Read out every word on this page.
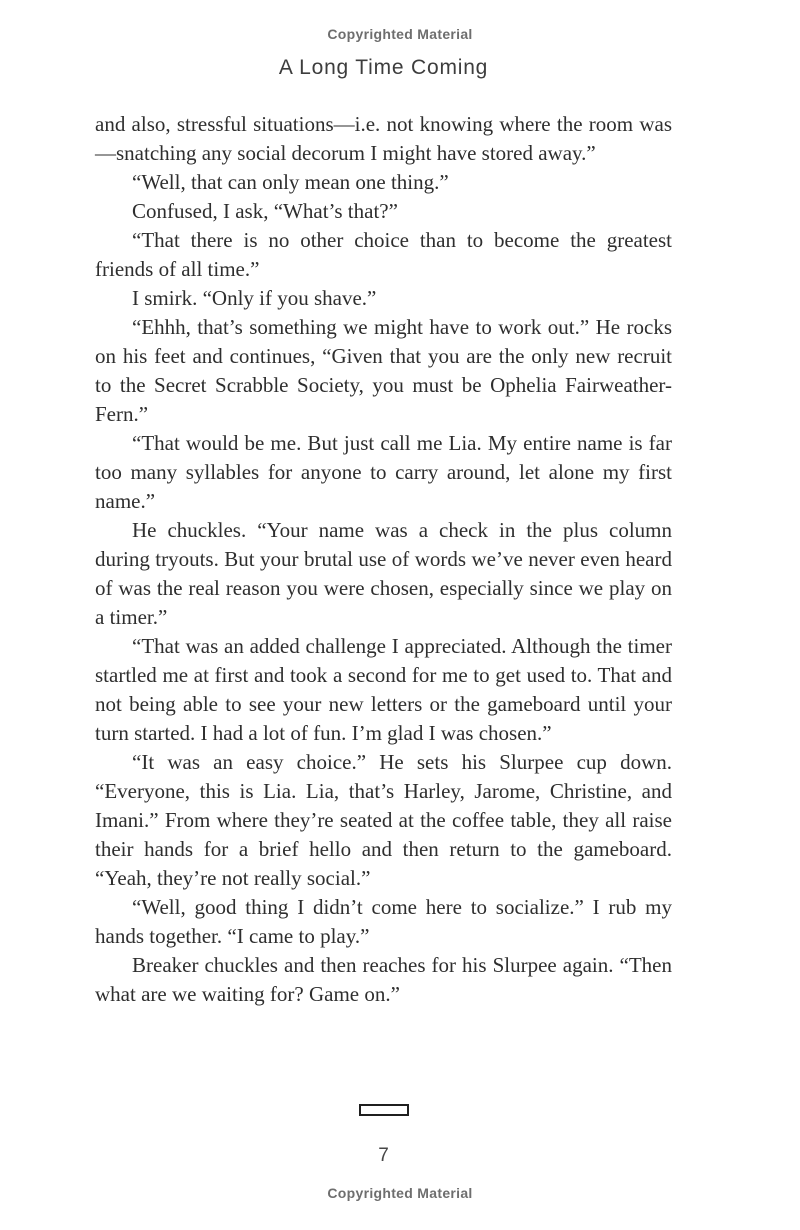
Copyrighted Material
A Long Time Coming

and also, stressful situations—i.e. not knowing where the room was—snatching any social decorum I might have stored away.”

“Well, that can only mean one thing.”

Confused, I ask, “What’s that?”

“That there is no other choice than to become the greatest friends of all time.”

I smirk. “Only if you shave.”

“Ehhh, that’s something we might have to work out.” He rocks on his feet and continues, “Given that you are the only new recruit to the Secret Scrabble Society, you must be Ophelia Fairweather-Fern.”

“That would be me. But just call me Lia. My entire name is far too many syllables for anyone to carry around, let alone my first name.”

He chuckles. “Your name was a check in the plus column during tryouts. But your brutal use of words we’ve never even heard of was the real reason you were chosen, especially since we play on a timer.”

“That was an added challenge I appreciated. Although the timer startled me at first and took a second for me to get used to. That and not being able to see your new letters or the gameboard until your turn started. I had a lot of fun. I’m glad I was chosen.”

“It was an easy choice.” He sets his Slurpee cup down. “Everyone, this is Lia. Lia, that’s Harley, Jarome, Christine, and Imani.” From where they’re seated at the coffee table, they all raise their hands for a brief hello and then return to the gameboard. “Yeah, they’re not really social.”

“Well, good thing I didn’t come here to socialize.” I rub my hands together. “I came to play.”

Breaker chuckles and then reaches for his Slurpee again. “Then what are we waiting for? Game on.”

7
Copyrighted Material
